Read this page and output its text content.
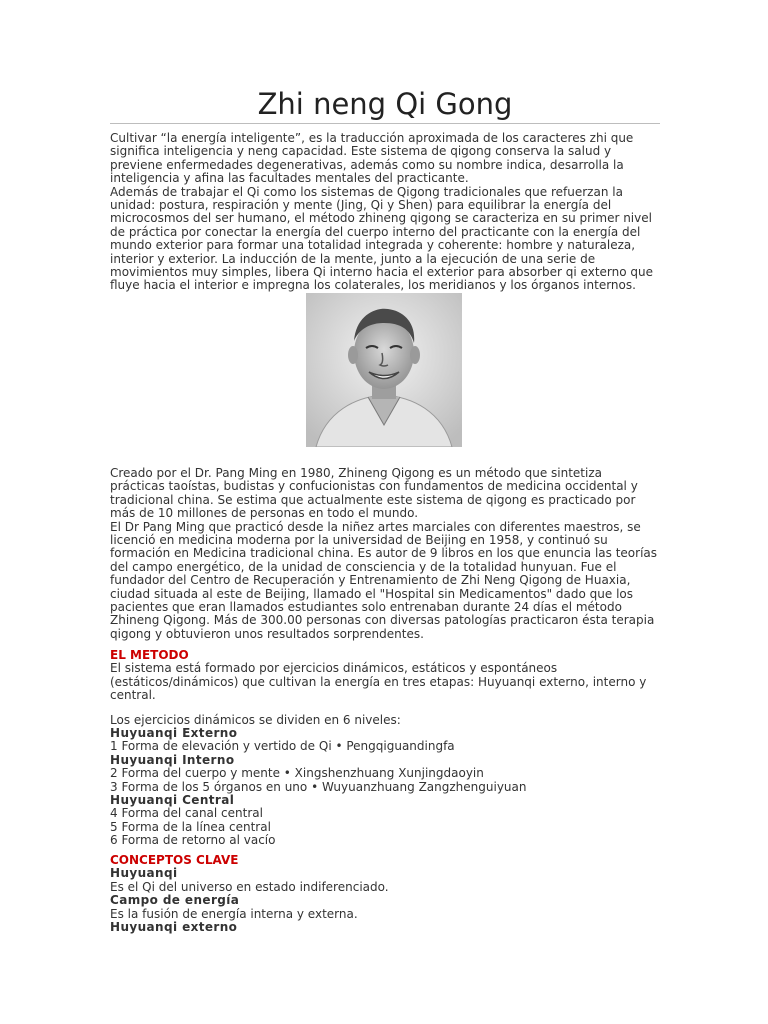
Zhi neng Qi Gong

Cultivar “la energía inteligente”, es la traducción aproximada de los caracteres zhi que significa inteligencia y neng capacidad. Este sistema de qigong conserva la salud y previene enfermedades degenerativas, además como su nombre indica, desarrolla la inteligencia y afina las facultades mentales del practicante.

Además de trabajar el Qi como los sistemas de Qigong tradicionales que refuerzan la unidad: postura, respiración y mente (Jing, Qi y Shen) para equilibrar la energía del microcosmos del ser humano, el método zhineng qigong se caracteriza en su primer nivel de práctica por conectar la energía del cuerpo interno del practicante con la energía del mundo exterior para formar una totalidad integrada y coherente: hombre y naturaleza, interior y exterior. La inducción de la mente, junto a la ejecución de una serie de movimientos muy simples, libera Qi interno hacia el exterior para absorber qi externo que fluye hacia el interior e impregna los colaterales, los meridianos y los órganos internos.

Creado por el Dr. Pang Ming en 1980, Zhineng Qigong es un método que sintetiza prácticas taoístas, budistas y confucionistas con fundamentos de medicina occidental y tradicional china. Se estima que actualmente este sistema de qigong es practicado por más de 10 millones de personas en todo el mundo.

El Dr Pang Ming que practicó desde la niñez artes marciales con diferentes maestros, se licenció en medicina moderna por la universidad de Beijing en 1958, y continuó su formación en Medicina tradicional china. Es autor de 9 libros en los que enuncia las teorías del campo energético, de la unidad de consciencia y de la totalidad hunyuan. Fue el fundador del Centro de Recuperación y Entrenamiento de Zhi Neng Qigong de Huaxia, ciudad situada al este de Beijing, llamado el "Hospital sin Medicamentos" dado que los pacientes que eran llamados estudiantes solo entrenaban durante 24 días el método Zhineng Qigong. Más de 300.00 personas con diversas patologías practicaron ésta terapia qigong y obtuvieron unos resultados sorprendentes.

EL METODO

El sistema está formado por ejercicios dinámicos, estáticos y espontáneos (estáticos/dinámicos) que cultivan la energía en tres etapas: Huyuanqi externo, interno y central.

Los ejercicios dinámicos se dividen en 6 niveles:

Huyuanqi Externo

1 Forma de elevación y vertido de Qi • Pengqiguandingfa

Huyuanqi Interno

2 Forma del cuerpo y mente • Xingshenzhuang Xunjingdaoyin

3 Forma de los 5 órganos en uno • Wuyuanzhuang Zangzhenguiyuan

Huyuanqi Central

4 Forma del canal central

5 Forma de la línea central

6 Forma de retorno al vacío

CONCEPTOS CLAVE

Huyuanqi

Es el Qi del universo en estado indiferenciado.

Campo de energía

Es la fusión de energía interna y externa.

Huyuanqi externo
